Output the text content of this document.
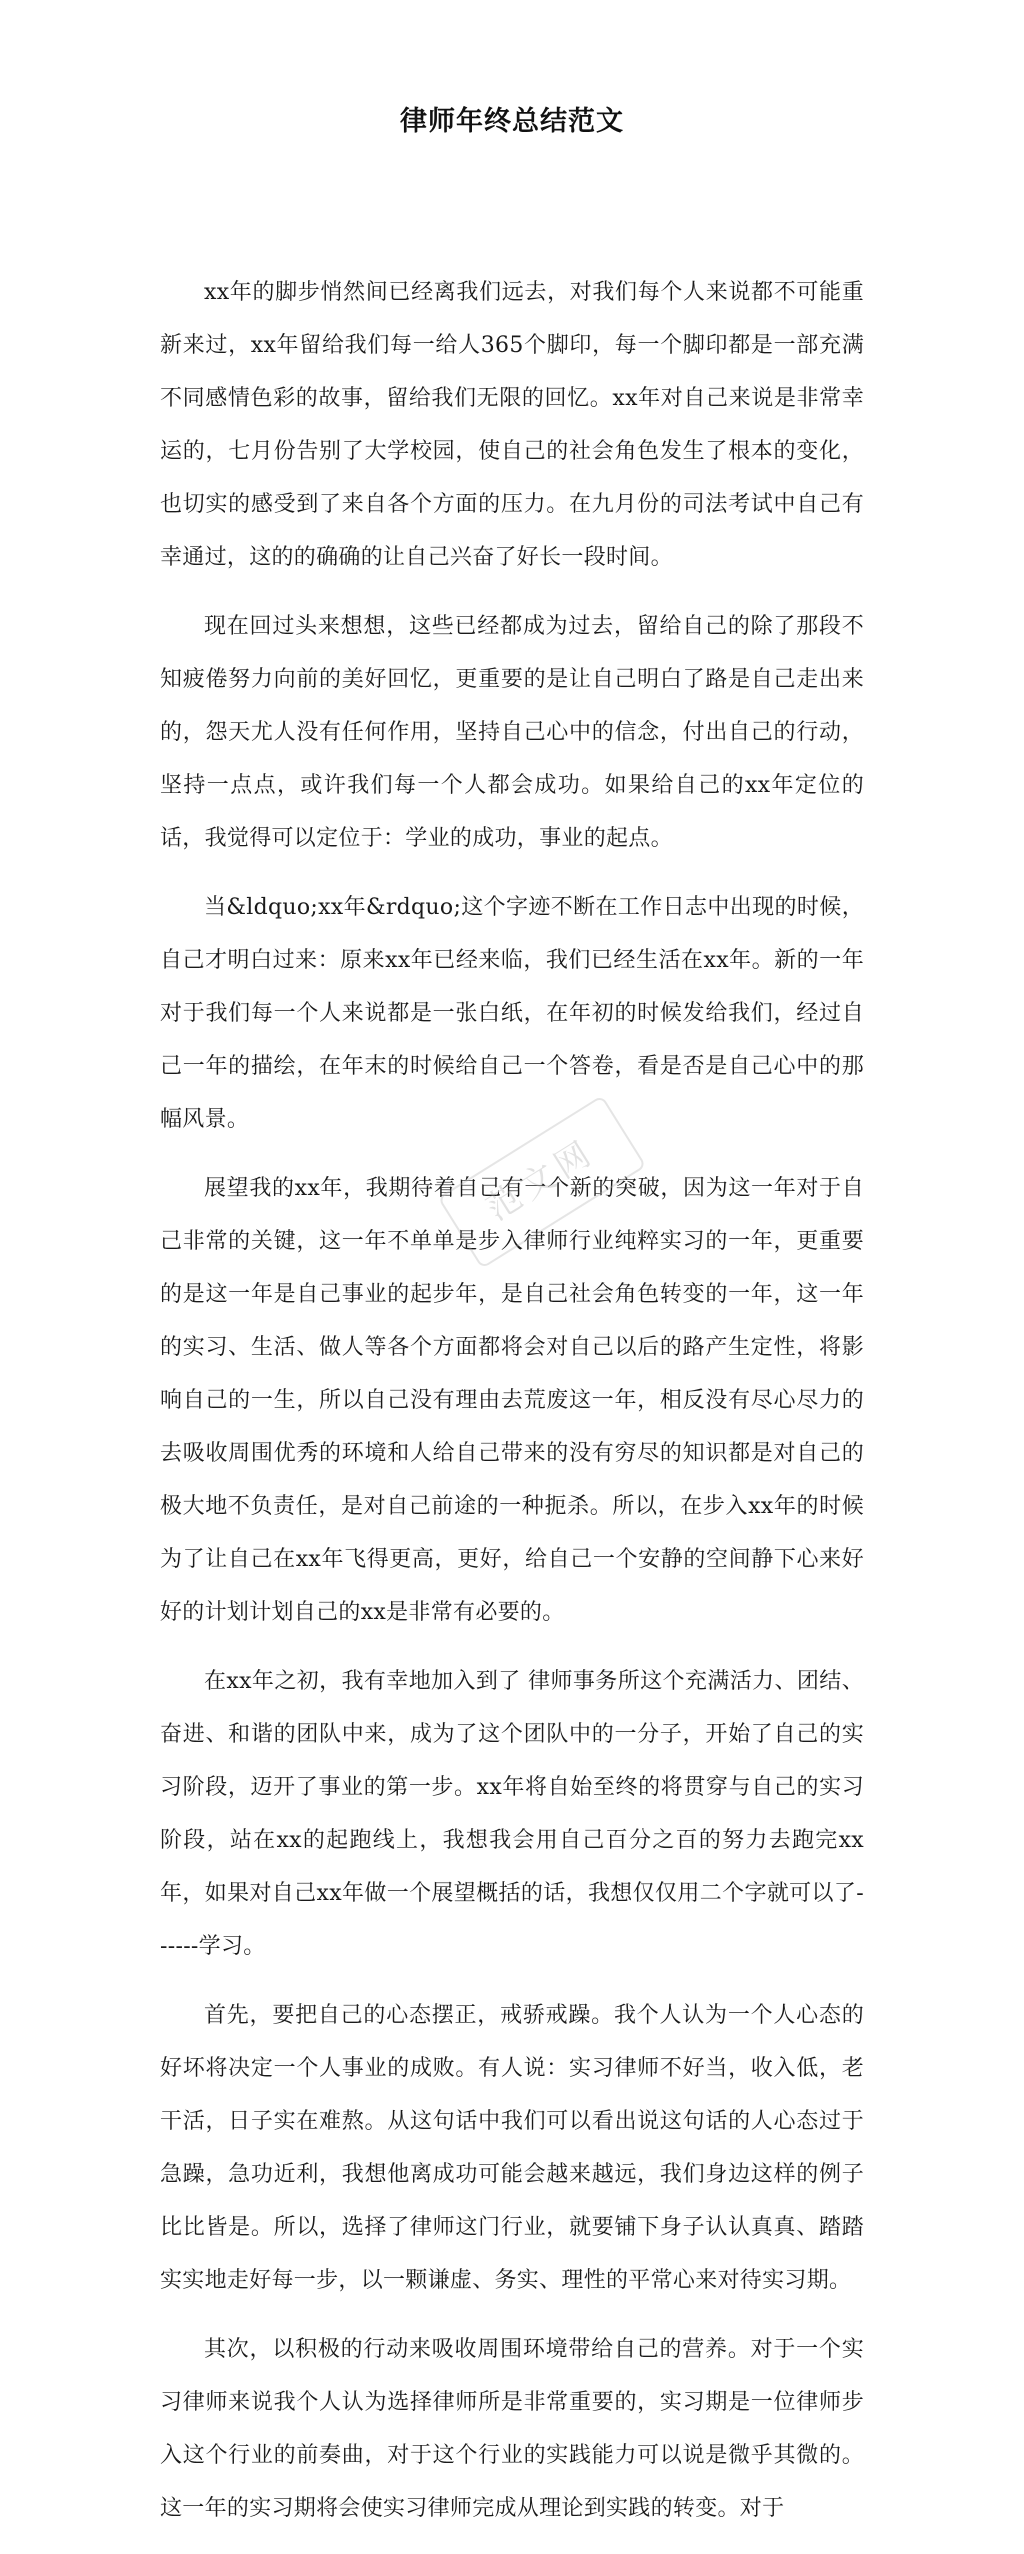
律师年终总结范文

xx年的脚步悄然间已经离我们远去，对我们每个人来说都不可能重新来过，xx年留给我们每一给人365个脚印，每一个脚印都是一部充满不同感情色彩的故事，留给我们无限的回忆。xx年对自己来说是非常幸运的，七月份告别了大学校园，使自己的社会角色发生了根本的变化，也切实的感受到了来自各个方面的压力。在九月份的司法考试中自己有幸通过，这的的确确的让自己兴奋了好长一段时间。

现在回过头来想想，这些已经都成为过去，留给自己的除了那段不知疲倦努力向前的美好回忆，更重要的是让自己明白了路是自己走出来的，怨天尤人没有任何作用，坚持自己心中的信念，付出自己的行动，坚持一点点，或许我们每一个人都会成功。如果给自己的xx年定位的话，我觉得可以定位于：学业的成功，事业的起点。

当&ldquo;xx年&rdquo;这个字迹不断在工作日志中出现的时候，自己才明白过来：原来xx年已经来临，我们已经生活在xx年。新的一年对于我们每一个人来说都是一张白纸，在年初的时候发给我们，经过自己一年的描绘，在年末的时候给自己一个答卷，看是否是自己心中的那幅风景。

展望我的xx年，我期待着自己有一个新的突破，因为这一年对于自己非常的关键，这一年不单单是步入律师行业纯粹实习的一年，更重要的是这一年是自己事业的起步年，是自己社会角色转变的一年，这一年的实习、生活、做人等各个方面都将会对自己以后的路产生定性，将影响自己的一生，所以自己没有理由去荒废这一年，相反没有尽心尽力的去吸收周围优秀的环境和人给自己带来的没有穷尽的知识都是对自己的极大地不负责任，是对自己前途的一种扼杀。所以，在步入xx年的时候为了让自己在xx年飞得更高，更好，给自己一个安静的空间静下心来好好的计划计划自己的xx是非常有必要的。

在xx年之初，我有幸地加入到了 律师事务所这个充满活力、团结、奋进、和谐的团队中来，成为了这个团队中的一分子，开始了自己的实习阶段，迈开了事业的第一步。xx年将自始至终的将贯穿与自己的实习阶段，站在xx的起跑线上，我想我会用自己百分之百的努力去跑完xx年，如果对自己xx年做一个展望概括的话，我想仅仅用二个字就可以了------学习。

首先，要把自己的心态摆正，戒骄戒躁。我个人认为一个人心态的好坏将决定一个人事业的成败。有人说：实习律师不好当，收入低，老干活，日子实在难熬。从这句话中我们可以看出说这句话的人心态过于急躁，急功近利，我想他离成功可能会越来越远，我们身边这样的例子比比皆是。所以，选择了律师这门行业，就要铺下身子认认真真、踏踏实实地走好每一步，以一颗谦虚、务实、理性的平常心来对待实习期。

其次，以积极的行动来吸收周围环境带给自己的营养。对于一个实习律师来说我个人认为选择律师所是非常重要的，实习期是一位律师步入这个行业的前奏曲，对于这个行业的实践能力可以说是微乎其微的。这一年的实习期将会使实习律师完成从理论到实践的转变。对于

范文网
